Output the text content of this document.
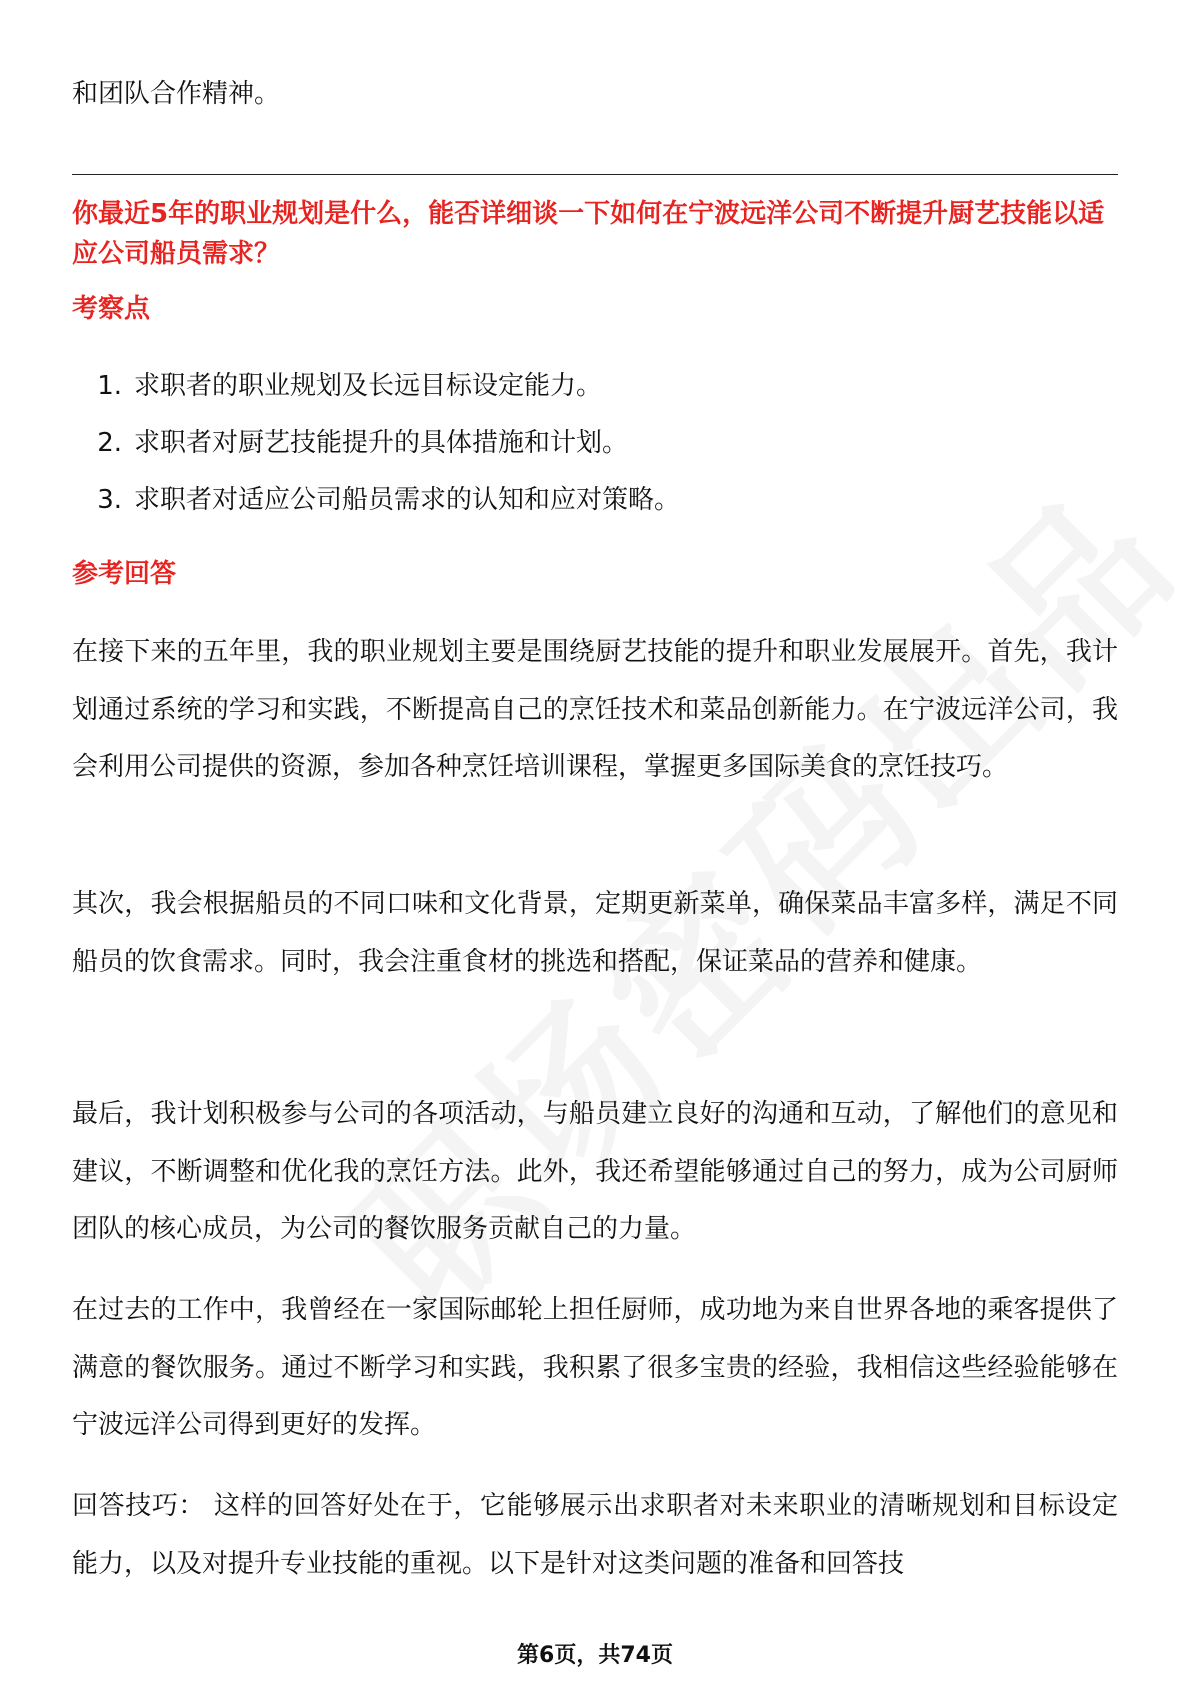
和团队合作精神。

你最近5年的职业规划是什么，能否详细谈一下如何在宁波远洋公司不断提升厨艺技能以适应公司船员需求？

考察点

1. 求职者的职业规划及长远目标设定能力。
2. 求职者对厨艺技能提升的具体措施和计划。
3. 求职者对适应公司船员需求的认知和应对策略。

参考回答

在接下来的五年里，我的职业规划主要是围绕厨艺技能的提升和职业发展展开。首先，我计划通过系统的学习和实践，不断提高自己的烹饪技术和菜品创新能力。在宁波远洋公司，我会利用公司提供的资源，参加各种烹饪培训课程，掌握更多国际美食的烹饪技巧。

其次，我会根据船员的不同口味和文化背景，定期更新菜单，确保菜品丰富多样，满足不同船员的饮食需求。同时，我会注重食材的挑选和搭配，保证菜品的营养和健康。

最后，我计划积极参与公司的各项活动，与船员建立良好的沟通和互动，了解他们的意见和建议，不断调整和优化我的烹饪方法。此外，我还希望能够通过自己的努力，成为公司厨师团队的核心成员，为公司的餐饮服务贡献自己的力量。

在过去的工作中，我曾经在一家国际邮轮上担任厨师，成功地为来自世界各地的乘客提供了满意的餐饮服务。通过不断学习和实践，我积累了很多宝贵的经验，我相信这些经验能够在宁波远洋公司得到更好的发挥。

回答技巧： 这样的回答好处在于，它能够展示出求职者对未来职业的清晰规划和目标设定能力，以及对提升专业技能的重视。以下是针对这类问题的准备和回答技

第6页，共74页
